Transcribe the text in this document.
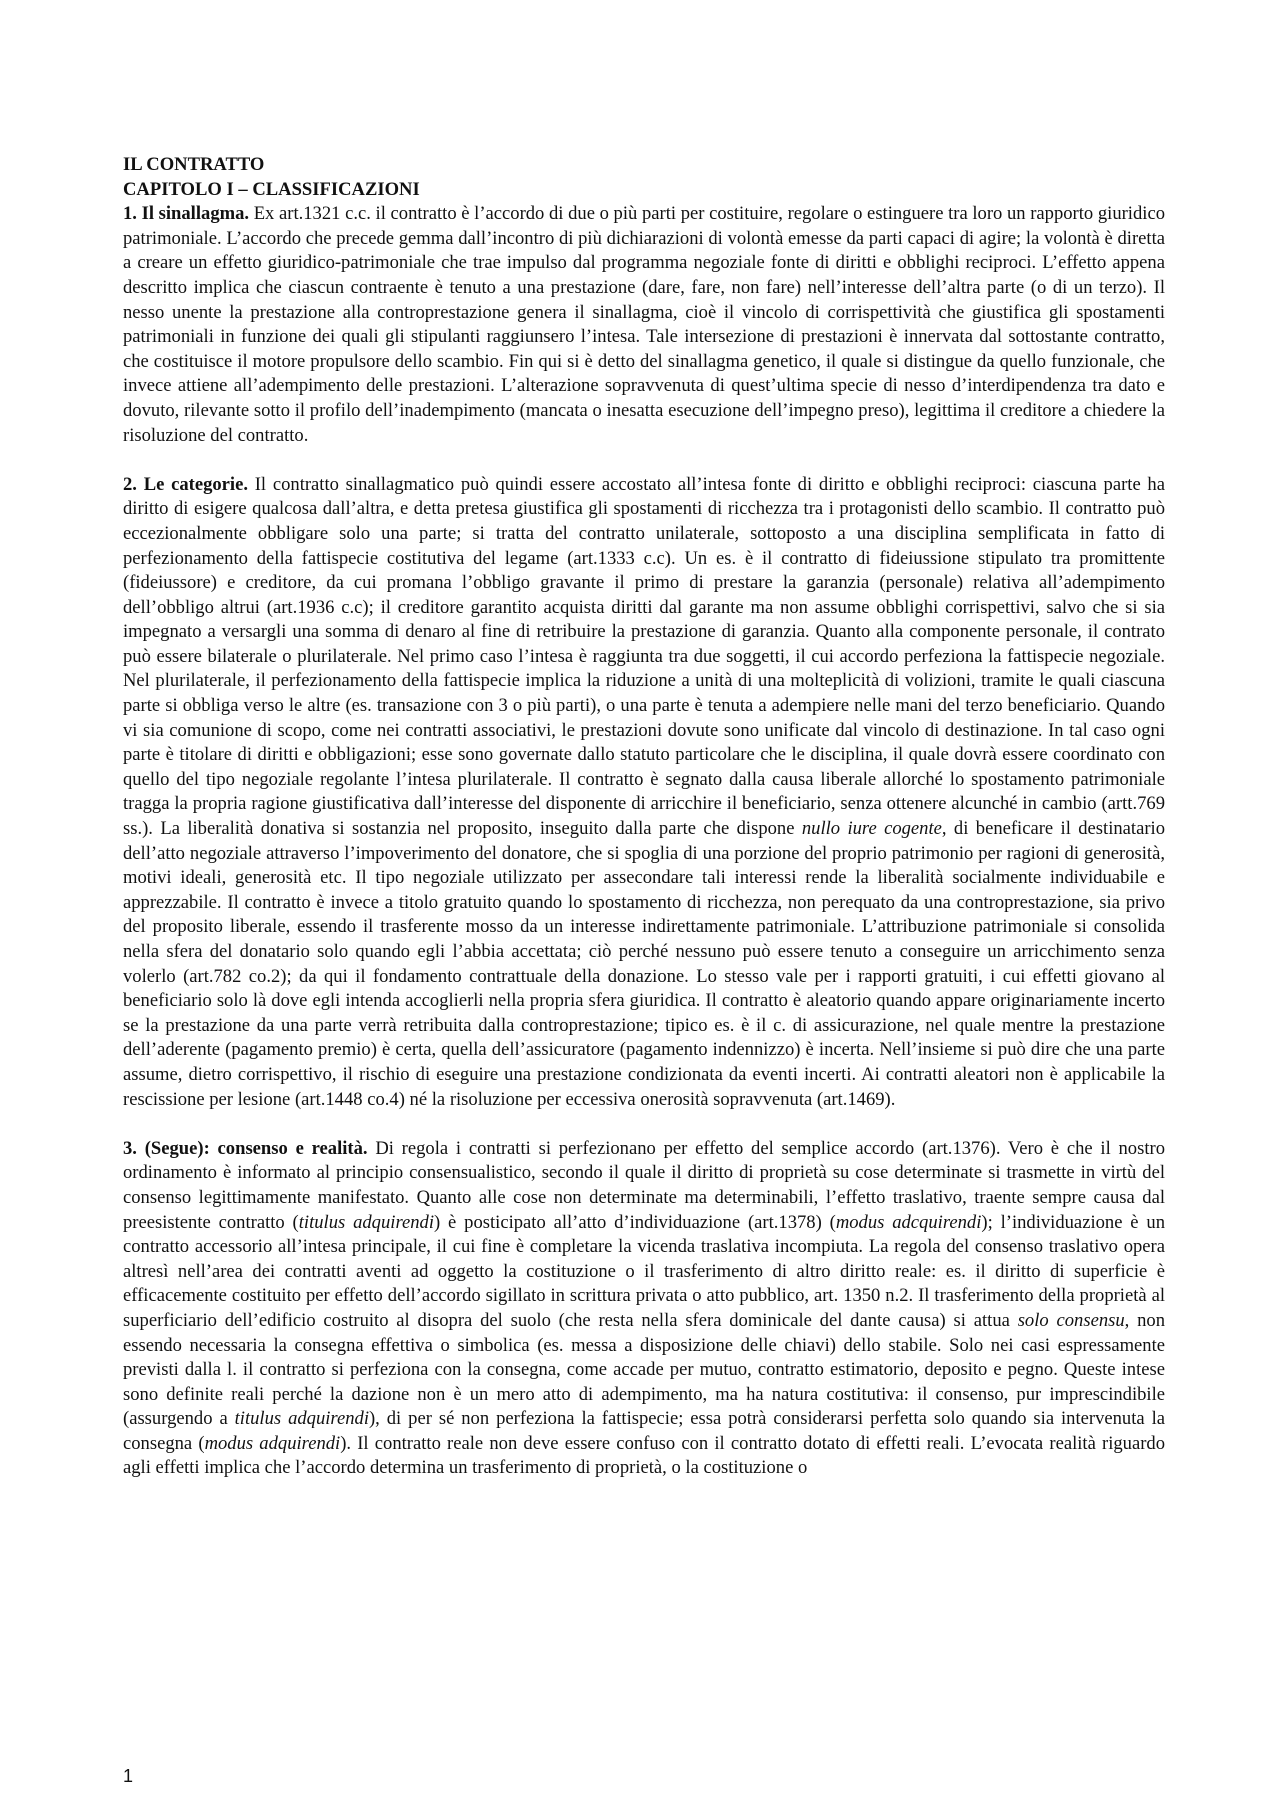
IL CONTRATTO
CAPITOLO I – CLASSIFICAZIONI

1. Il sinallagma. Ex art.1321 c.c. il contratto è l’accordo di due o più parti per costituire, regolare o estinguere tra loro un rapporto giuridico patrimoniale. L’accordo che precede gemma dall’incontro di più dichiarazioni di volontà emesse da parti capaci di agire; la volontà è diretta a creare un effetto giuridico-patrimoniale che trae impulso dal programma negoziale fonte di diritti e obblighi reciproci. L’effetto appena descritto implica che ciascun contraente è tenuto a una prestazione (dare, fare, non fare) nell’interesse dell’altra parte (o di un terzo). Il nesso unente la prestazione alla controprestazione genera il sinallagma, cioè il vincolo di corrispettività che giustifica gli spostamenti patrimoniali in funzione dei quali gli stipulanti raggiunsero l’intesa. Tale intersezione di prestazioni è innervata dal sottostante contratto, che costituisce il motore propulsore dello scambio. Fin qui si è detto del sinallagma genetico, il quale si distingue da quello funzionale, che invece attiene all’adempimento delle prestazioni. L’alterazione sopravvenuta di quest’ultima specie di nesso d’interdipendenza tra dato e dovuto, rilevante sotto il profilo dell’inadempimento (mancata o inesatta esecuzione dell’impegno preso), legittima il creditore a chiedere la risoluzione del contratto.

2. Le categorie. Il contratto sinallagmatico può quindi essere accostato all’intesa fonte di diritto e obblighi reciproci: ciascuna parte ha diritto di esigere qualcosa dall’altra, e detta pretesa giustifica gli spostamenti di ricchezza tra i protagonisti dello scambio. Il contratto può eccezionalmente obbligare solo una parte; si tratta del contratto unilaterale, sottoposto a una disciplina semplificata in fatto di perfezionamento della fattispecie costitutiva del legame (art.1333 c.c). Un es. è il contratto di fideiussione stipulato tra promittente (fideiussore) e creditore, da cui promana l’obbligo gravante il primo di prestare la garanzia (personale) relativa all’adempimento dell’obbligo altrui (art.1936 c.c); il creditore garantito acquista diritti dal garante ma non assume obblighi corrispettivi, salvo che si sia impegnato a versargli una somma di denaro al fine di retribuire la prestazione di garanzia. Quanto alla componente personale, il contrato può essere bilaterale o plurilaterale. Nel primo caso l’intesa è raggiunta tra due soggetti, il cui accordo perfeziona la fattispecie negoziale. Nel plurilaterale, il perfezionamento della fattispecie implica la riduzione a unità di una molteplicità di volizioni, tramite le quali ciascuna parte si obbliga verso le altre (es. transazione con 3 o più parti), o una parte è tenuta a adempiere nelle mani del terzo beneficiario. Quando vi sia comunione di scopo, come nei contratti associativi, le prestazioni dovute sono unificate dal vincolo di destinazione. In tal caso ogni parte è titolare di diritti e obbligazioni; esse sono governate dallo statuto particolare che le disciplina, il quale dovrà essere coordinato con quello del tipo negoziale regolante l’intesa plurilaterale. Il contratto è segnato dalla causa liberale allorché lo spostamento patrimoniale tragga la propria ragione giustificativa dall’interesse del disponente di arricchire il beneficiario, senza ottenere alcunché in cambio (artt.769 ss.). La liberalità donativa si sostanzia nel proposito, inseguito dalla parte che dispone nullo iure cogente, di beneficare il destinatario dell’atto negoziale attraverso l’impoverimento del donatore, che si spoglia di una porzione del proprio patrimonio per ragioni di generosità, motivi ideali, generosità etc. Il tipo negoziale utilizzato per assecondare tali interessi rende la liberalità socialmente individuabile e apprezzabile. Il contratto è invece a titolo gratuito quando lo spostamento di ricchezza, non perequato da una controprestazione, sia privo del proposito liberale, essendo il trasferente mosso da un interesse indirettamente patrimoniale. L’attribuzione patrimoniale si consolida nella sfera del donatario solo quando egli l’abbia accettata; ciò perché nessuno può essere tenuto a conseguire un arricchimento senza volerlo (art.782 co.2); da qui il fondamento contrattuale della donazione. Lo stesso vale per i rapporti gratuiti, i cui effetti giovano al beneficiario solo là dove egli intenda accoglierli nella propria sfera giuridica. Il contratto è aleatorio quando appare originariamente incerto se la prestazione da una parte verrà retribuita dalla controprestazione; tipico es. è il c. di assicurazione, nel quale mentre la prestazione dell’aderente (pagamento premio) è certa, quella dell’assicuratore (pagamento indennizzo) è incerta. Nell’insieme si può dire che una parte assume, dietro corrispettivo, il rischio di eseguire una prestazione condizionata da eventi incerti. Ai contratti aleatori non è applicabile la rescissione per lesione (art.1448 co.4) né la risoluzione per eccessiva onerosità sopravvenuta (art.1469).

3. (Segue): consenso e realità. Di regola i contratti si perfezionano per effetto del semplice accordo (art.1376). Vero è che il nostro ordinamento è informato al principio consensualistico, secondo il quale il diritto di proprietà su cose determinate si trasmette in virtù del consenso legittimamente manifestato. Quanto alle cose non determinate ma determinabili, l’effetto traslativo, traente sempre causa dal preesistente contratto (titulus adquirendi) è posticipato all’atto d’individuazione (art.1378) (modus adcquirendi); l’individuazione è un contratto accessorio all’intesa principale, il cui fine è completare la vicenda traslativa incompiuta. La regola del consenso traslativo opera altresì nell’area dei contratti aventi ad oggetto la costituzione o il trasferimento di altro diritto reale: es. il diritto di superficie è efficacemente costituito per effetto dell’accordo sigillato in scrittura privata o atto pubblico, art. 1350 n.2. Il trasferimento della proprietà al superficiario dell’edificio costruito al disopra del suolo (che resta nella sfera dominicale del dante causa) si attua solo consensu, non essendo necessaria la consegna effettiva o simbolica (es. messa a disposizione delle chiavi) dello stabile. Solo nei casi espressamente previsti dalla l. il contratto si perfeziona con la consegna, come accade per mutuo, contratto estimatorio, deposito e pegno. Queste intese sono definite reali perché la dazione non è un mero atto di adempimento, ma ha natura costitutiva: il consenso, pur imprescindibile (assurgendo a titulus adquirendi), di per sé non perfeziona la fattispecie; essa potrà considerarsi perfetta solo quando sia intervenuta la consegna (modus adquirendi). Il contratto reale non deve essere confuso con il contratto dotato di effetti reali. L’evocata realità riguardo agli effetti implica che l’accordo determina un trasferimento di proprietà, o la costituzione o

1
